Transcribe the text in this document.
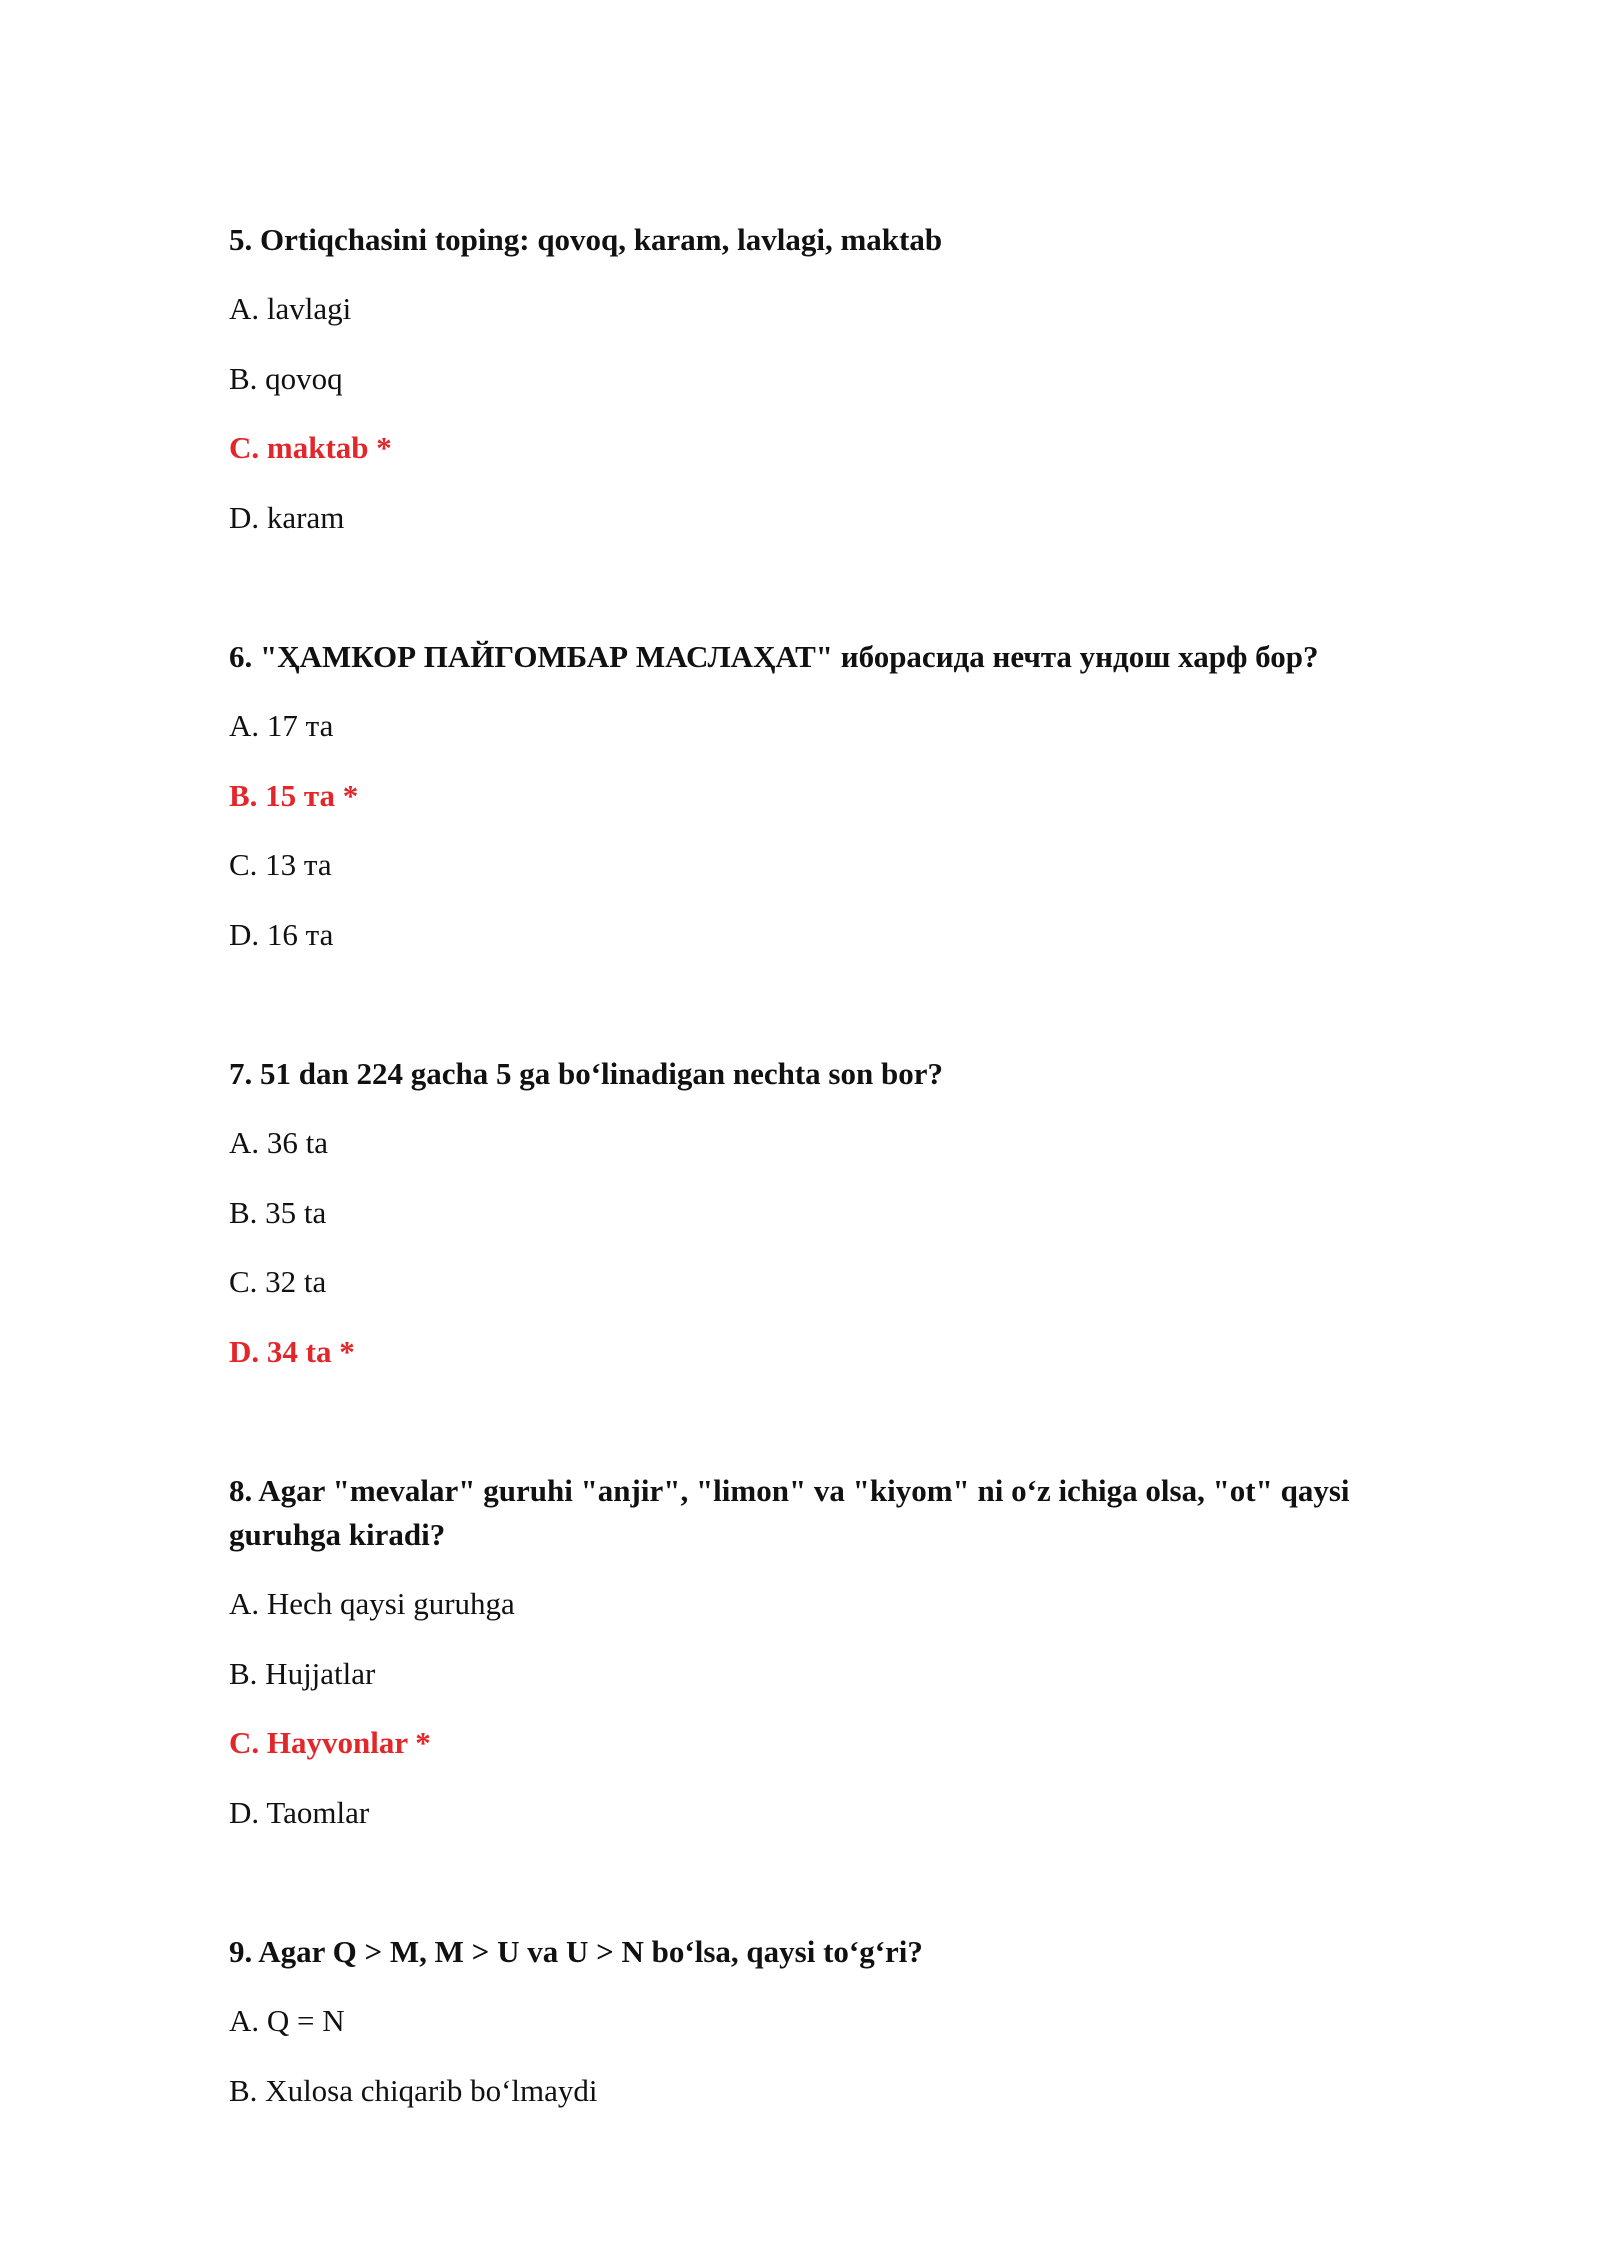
5. Ortiqchasini toping: qovoq, karam, lavlagi, maktab

A. lavlagi
B. qovoq
C. maktab *
D. karam

6. "ҲАМКОР ПАЙГОМБАР МАСЛАҲАТ" иборасида нечта ундош харф бор?

A. 17 та
B. 15 та *
C. 13 та
D. 16 та

7. 51 dan 224 gacha 5 ga boʻlinadigan nechta son bor?

A. 36 ta
B. 35 ta
C. 32 ta
D. 34 ta *

8. Agar "mevalar" guruhi "anjir", "limon" va "kiyom" ni oʻz ichiga olsa, "ot" qaysi guruhga kiradi?

A. Hech qaysi guruhga
B. Hujjatlar
C. Hayvonlar *
D. Taomlar

9. Agar Q > M, M > U va U > N boʻlsa, qaysi toʻgʻri?

A. Q = N
B. Xulosa chiqarib boʻlmaydi
